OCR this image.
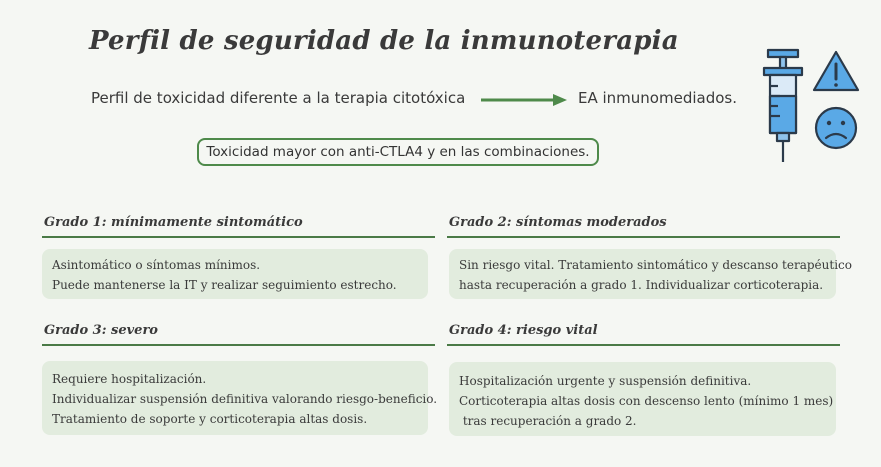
Perfil de seguridad de la inmunoterapia
Perfil de toxicidad diferente a la terapia citotóxica	EA inmunomediados.
Toxicidad mayor con anti-CTLA4 y en las combinaciones.
Grado 1: mínimamente sintomático
Asintomático o síntomas mínimos.
Puede mantenerse la IT y realizar seguimiento estrecho.
Grado 2: síntomas moderados
Sin riesgo vital. Tratamiento sintomático y descanso terapéutico
hasta recuperación a grado 1. Individualizar corticoterapia.
Grado 3: severo
Requiere hospitalización.
Individualizar suspensión definitiva valorando riesgo-beneficio.
Tratamiento de soporte y corticoterapia altas dosis.
Grado 4: riesgo vital
Hospitalización urgente y suspensión definitiva.
Corticoterapia altas dosis con descenso lento (mínimo 1 mes)
tras recuperación a grado 2.
